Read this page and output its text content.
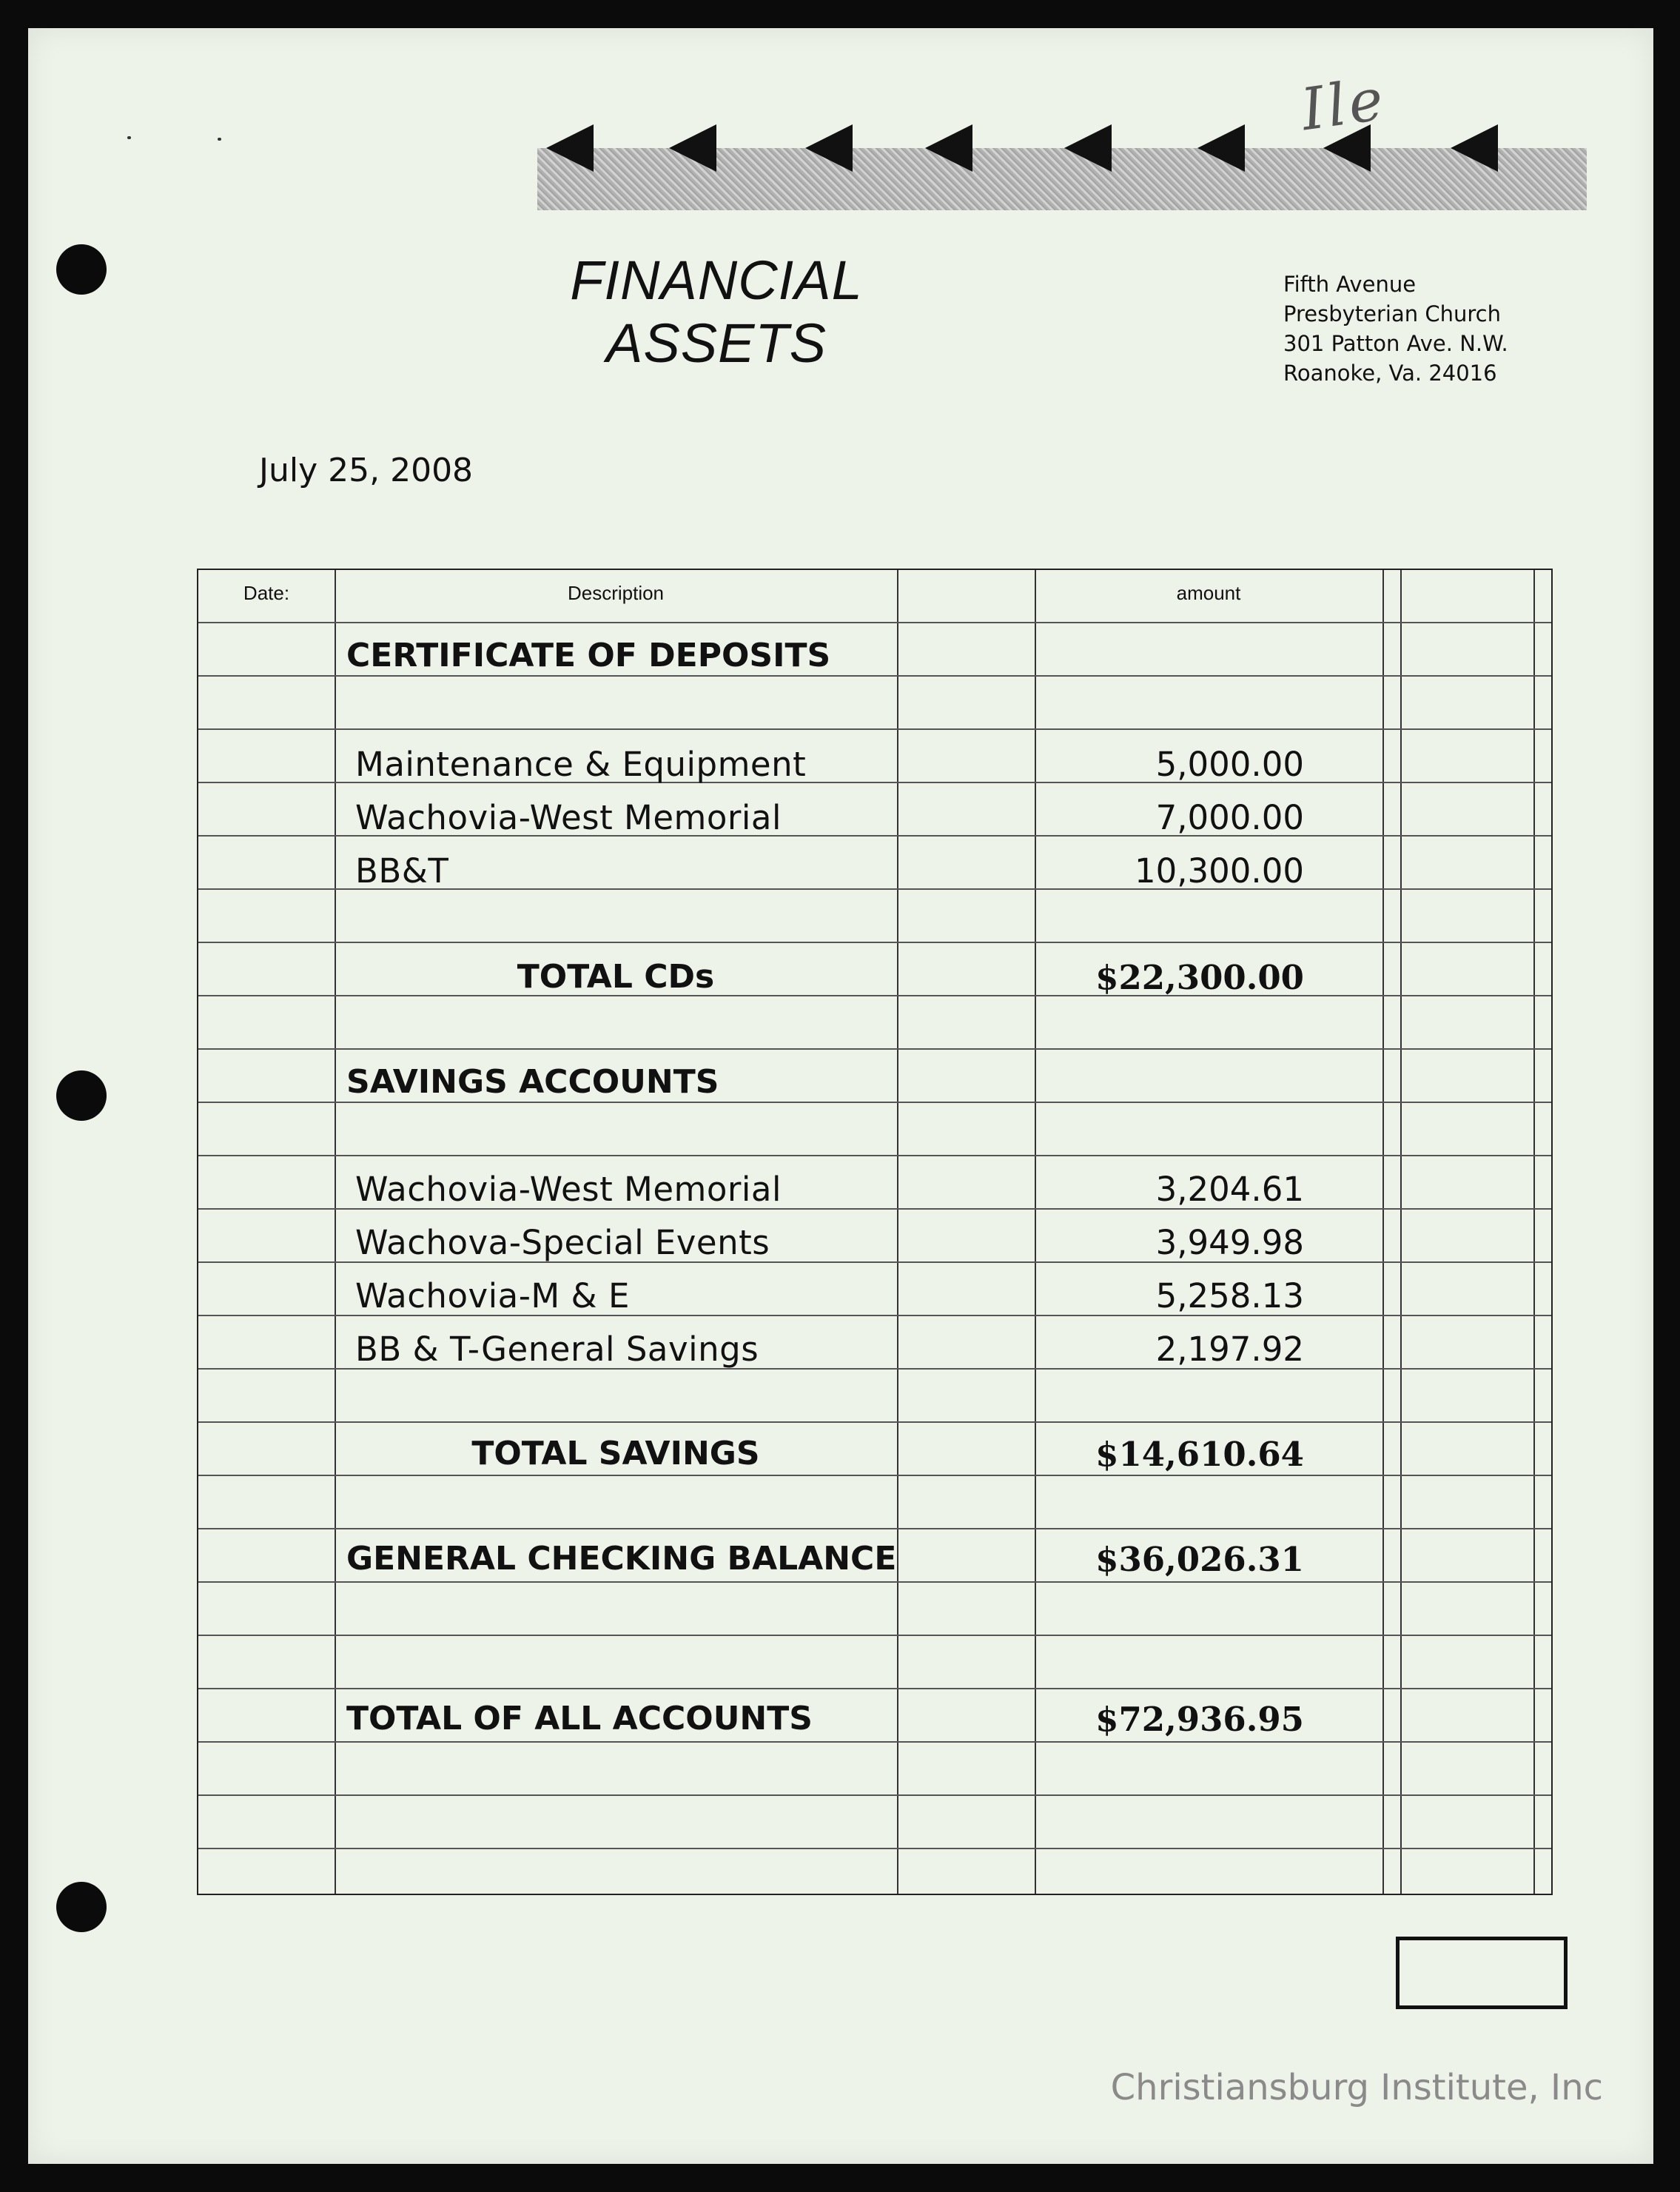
Ile
FINANCIAL ASSETS
Fifth Avenue
Presbyterian Church
301 Patton Ave. N.W.
Roanoke, Va. 24016
July 25, 2008
Date:	Description	amount
CERTIFICATE OF DEPOSITS
Maintenance & Equipment	5,000.00
Wachovia-West Memorial	7,000.00
BB&T	10,300.00
TOTAL CDs	$22,300.00
SAVINGS ACCOUNTS
Wachovia-West Memorial	3,204.61
Wachova-Special Events	3,949.98
Wachovia-M & E	5,258.13
BB & T-General Savings	2,197.92
TOTAL SAVINGS	$14,610.64
GENERAL CHECKING BALANCE	$36,026.31
TOTAL OF ALL ACCOUNTS	$72,936.95
Christiansburg Institute, Inc
